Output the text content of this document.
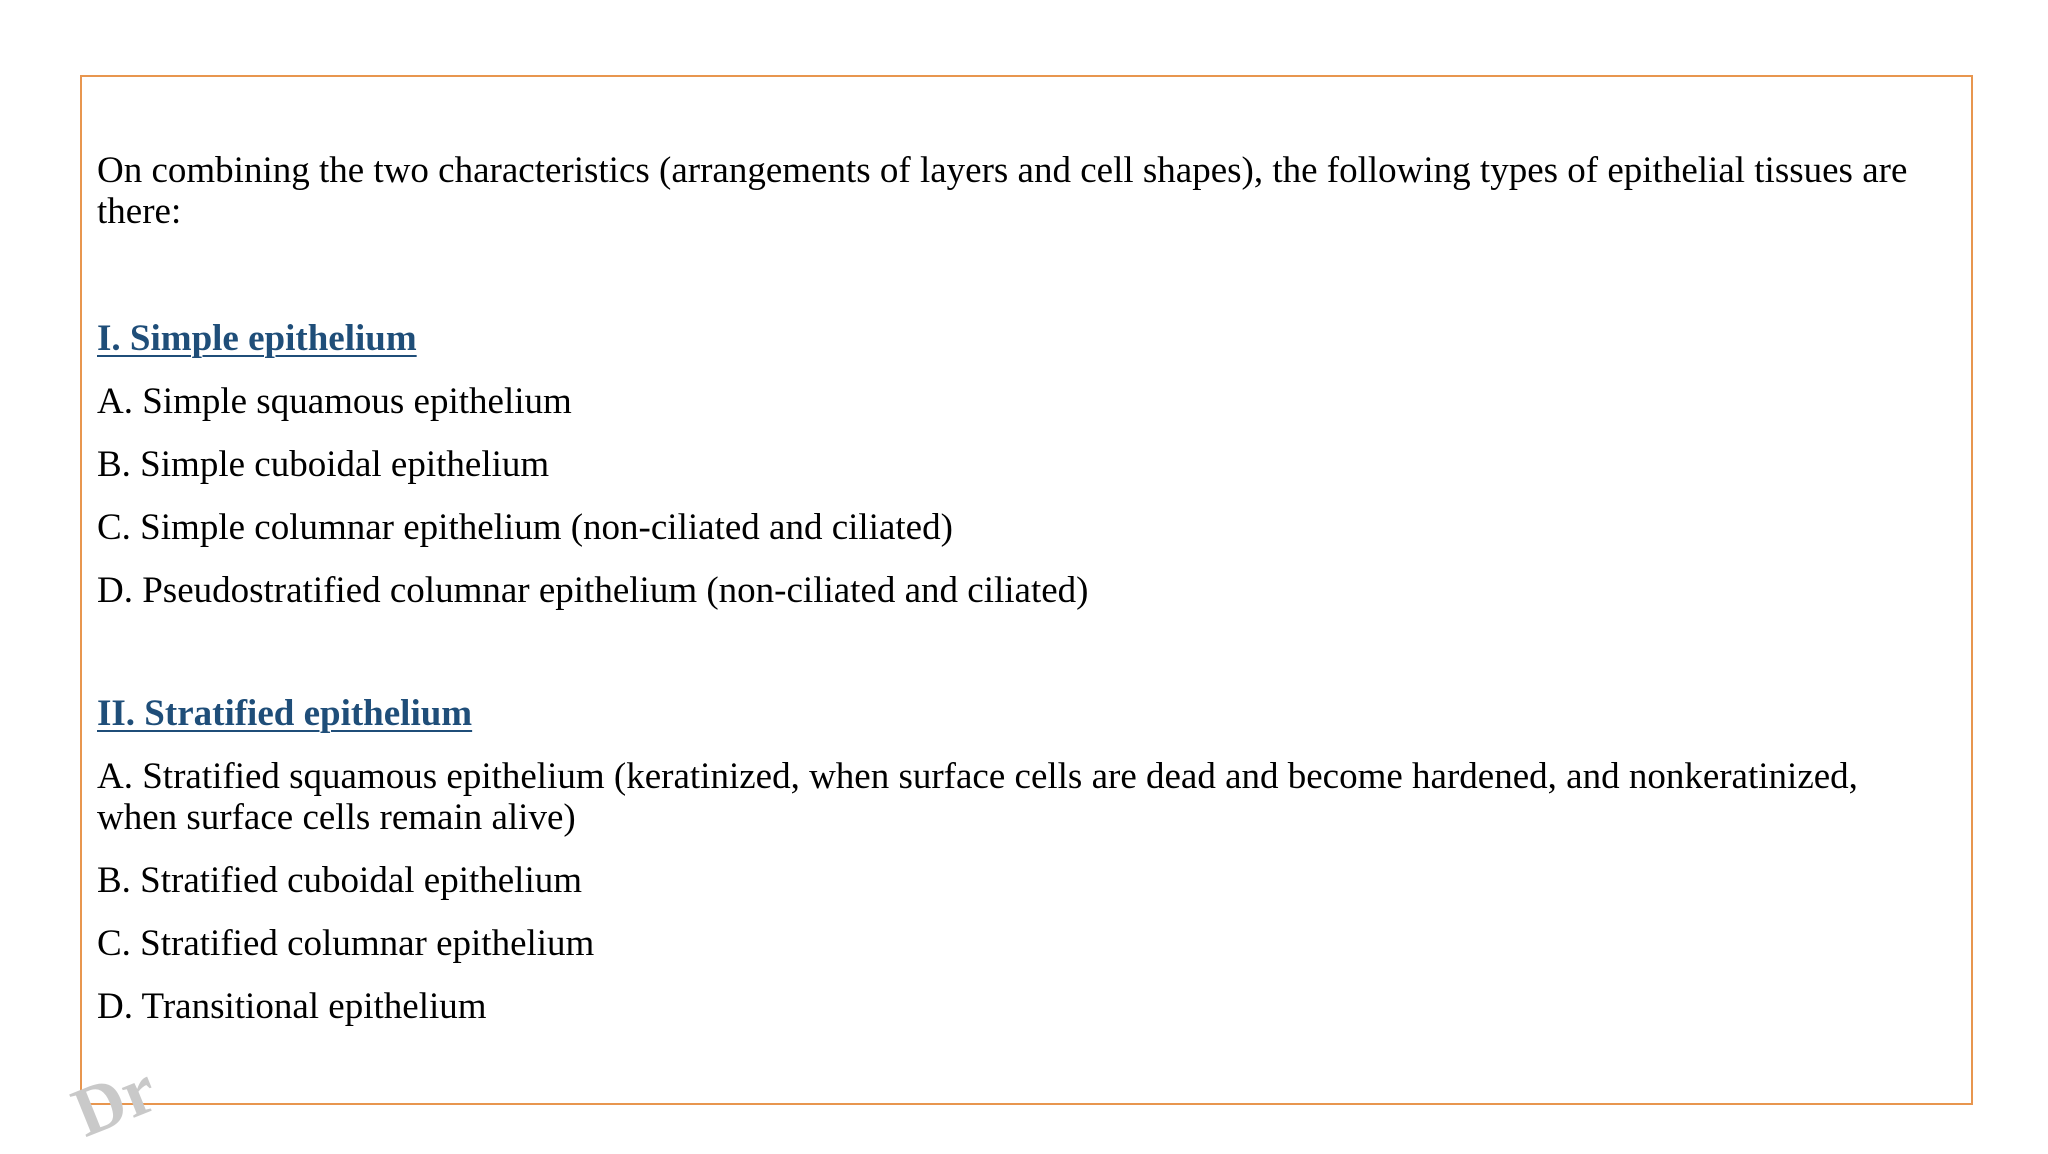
On combining the two characteristics (arrangements of layers and cell shapes), the following types of epithelial tissues are there:

I. Simple epithelium

A. Simple squamous epithelium

B. Simple cuboidal epithelium

C. Simple columnar epithelium (non-ciliated and ciliated)

D. Pseudostratified columnar epithelium (non-ciliated and ciliated)

II. Stratified epithelium

A. Stratified squamous epithelium (keratinized, when surface cells are dead and become hardened, and nonkeratinized, when surface cells remain alive)

B. Stratified cuboidal epithelium

C. Stratified columnar epithelium

D. Transitional epithelium

Dr
